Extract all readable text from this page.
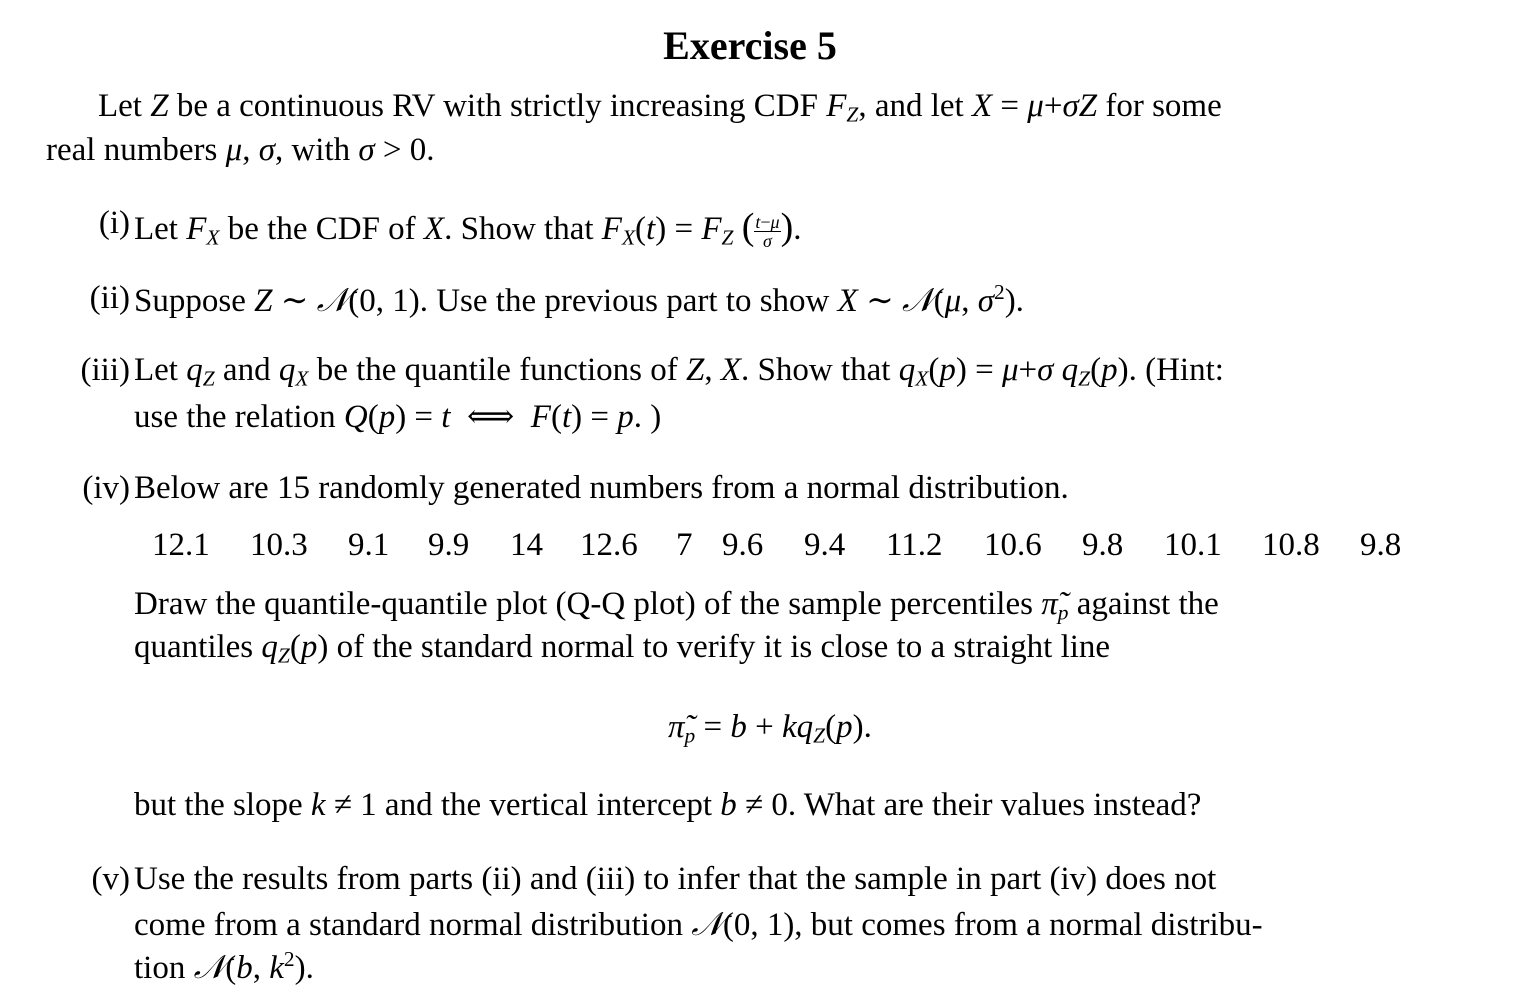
Exercise 5
Let Z be a continuous RV with strictly increasing CDF $F_Z$, and let X = μ+σZ for some
real numbers μ, σ, with σ > 0.
(i) Let $F_X$ be the CDF of X. Show that $F_X(t) = F_Z$ ( $\frac{t-\mu}{\sigma}$ ).
(ii) Suppose Z ∼ 𝒩(0, 1). Use the previous part to show X ∼ 𝒩(μ, $\sigma^2$).
(iii) Let $q_Z$ and $q_X$ be the quantile functions of Z, X. Show that $q_X(p) = \mu+\sigma$ $q_Z(p)$. (Hint:
use the relation Q(p) = t  ⟺  F(t) = p. )
(iv) Below are 15 randomly generated numbers from a normal distribution.
12.1 10.3 9.1 9.9 14 12.6 7 9.6 9.4 11.2 10.6 9.8 10.1 10.8 9.8
Draw the quantile-quantile plot (Q-Q plot) of the sample percentiles $\pĩ_p$ against the
quantiles $q_Z(p)$ of the standard normal to verify it is close to a straight line
$\pĩ_p = b + kq_Z(p)$.
but the slope k ≠ 1 and the vertical intercept b ≠ 0. What are their values instead?
(v) Use the results from parts (ii) and (iii) to infer that the sample in part (iv) does not
come from a standard normal distribution 𝒩(0, 1), but comes from a normal distribu-
tion 𝒩(b, $k^2$).
